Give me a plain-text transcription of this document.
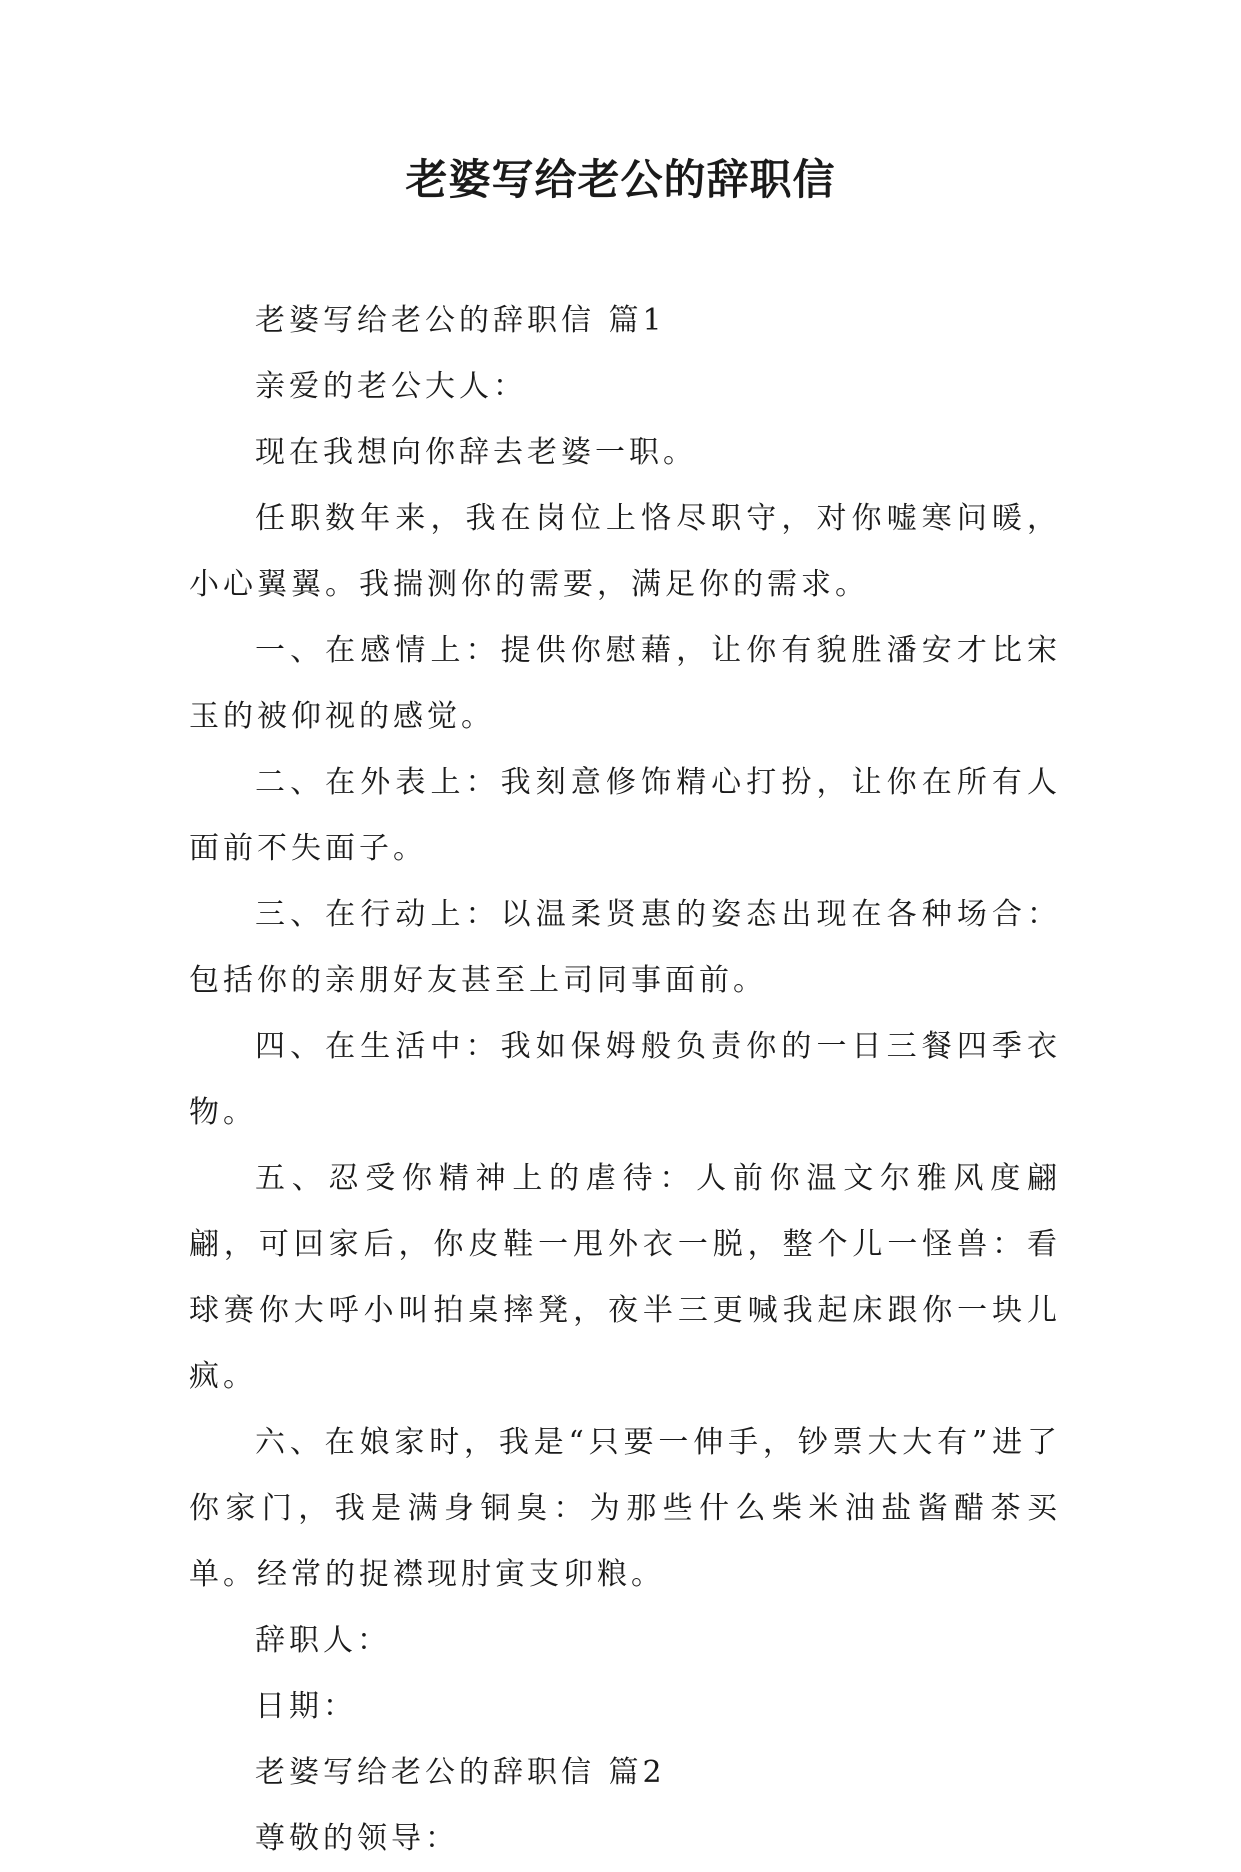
老婆写给老公的辞职信

老婆写给老公的辞职信 篇1

亲爱的老公大人：

现在我想向你辞去老婆一职。

任职数年来，我在岗位上恪尽职守，对你嘘寒问暖，小心翼翼。我揣测你的需要，满足你的需求。

一、在感情上：提供你慰藉，让你有貌胜潘安才比宋玉的被仰视的感觉。

二、在外表上：我刻意修饰精心打扮，让你在所有人面前不失面子。

三、在行动上：以温柔贤惠的姿态出现在各种场合：包括你的亲朋好友甚至上司同事面前。

四、在生活中：我如保姆般负责你的一日三餐四季衣物。

五、忍受你精神上的虐待：人前你温文尔雅风度翩翩，可回家后，你皮鞋一甩外衣一脱，整个儿一怪兽：看球赛你大呼小叫拍桌摔凳，夜半三更喊我起床跟你一块儿疯。

六、在娘家时，我是“只要一伸手，钞票大大有”进了你家门，我是满身铜臭：为那些什么柴米油盐酱醋茶买单。经常的捉襟现肘寅支卯粮。

辞职人：

日期：

老婆写给老公的辞职信 篇2

尊敬的领导：
